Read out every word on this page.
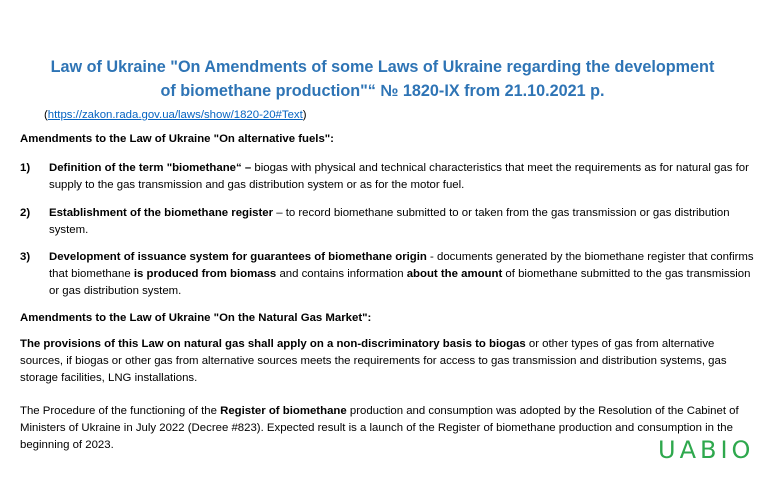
Law of Ukraine "On Amendments of some Laws of Ukraine regarding the development
of biomethane production"“ № 1820-IX from 21.10.2021 p.
(https://zakon.rada.gov.ua/laws/show/1820-20#Text)
Amendments to the Law of Ukraine "On alternative fuels":
1) Definition of the term "biomethane“ – biogas with physical and technical characteristics that meet the requirements as for natural gas for supply to the gas transmission and gas distribution system or as for the motor fuel.
2) Establishment of the biomethane register – to record biomethane submitted to or taken from the gas transmission or gas distribution system.
3) Development of issuance system for guarantees of biomethane origin - documents generated by the biomethane register that confirms that biomethane is produced from biomass and contains information about the amount of biomethane submitted to the gas transmission or gas distribution system.
Amendments to the Law of Ukraine "On the Natural Gas Market":
The provisions of this Law on natural gas shall apply on a non-discriminatory basis to biogas or other types of gas from alternative sources, if biogas or other gas from alternative sources meets the requirements for access to gas transmission and distribution systems, gas storage facilities, LNG installations.
The Procedure of the functioning of the Register of biomethane production and consumption was adopted by the Resolution of the Cabinet of Ministers of Ukraine in July 2022 (Decree #823). Expected result is a launch of the Register of biomethane production and consumption in the beginning of 2023.	UABIO
